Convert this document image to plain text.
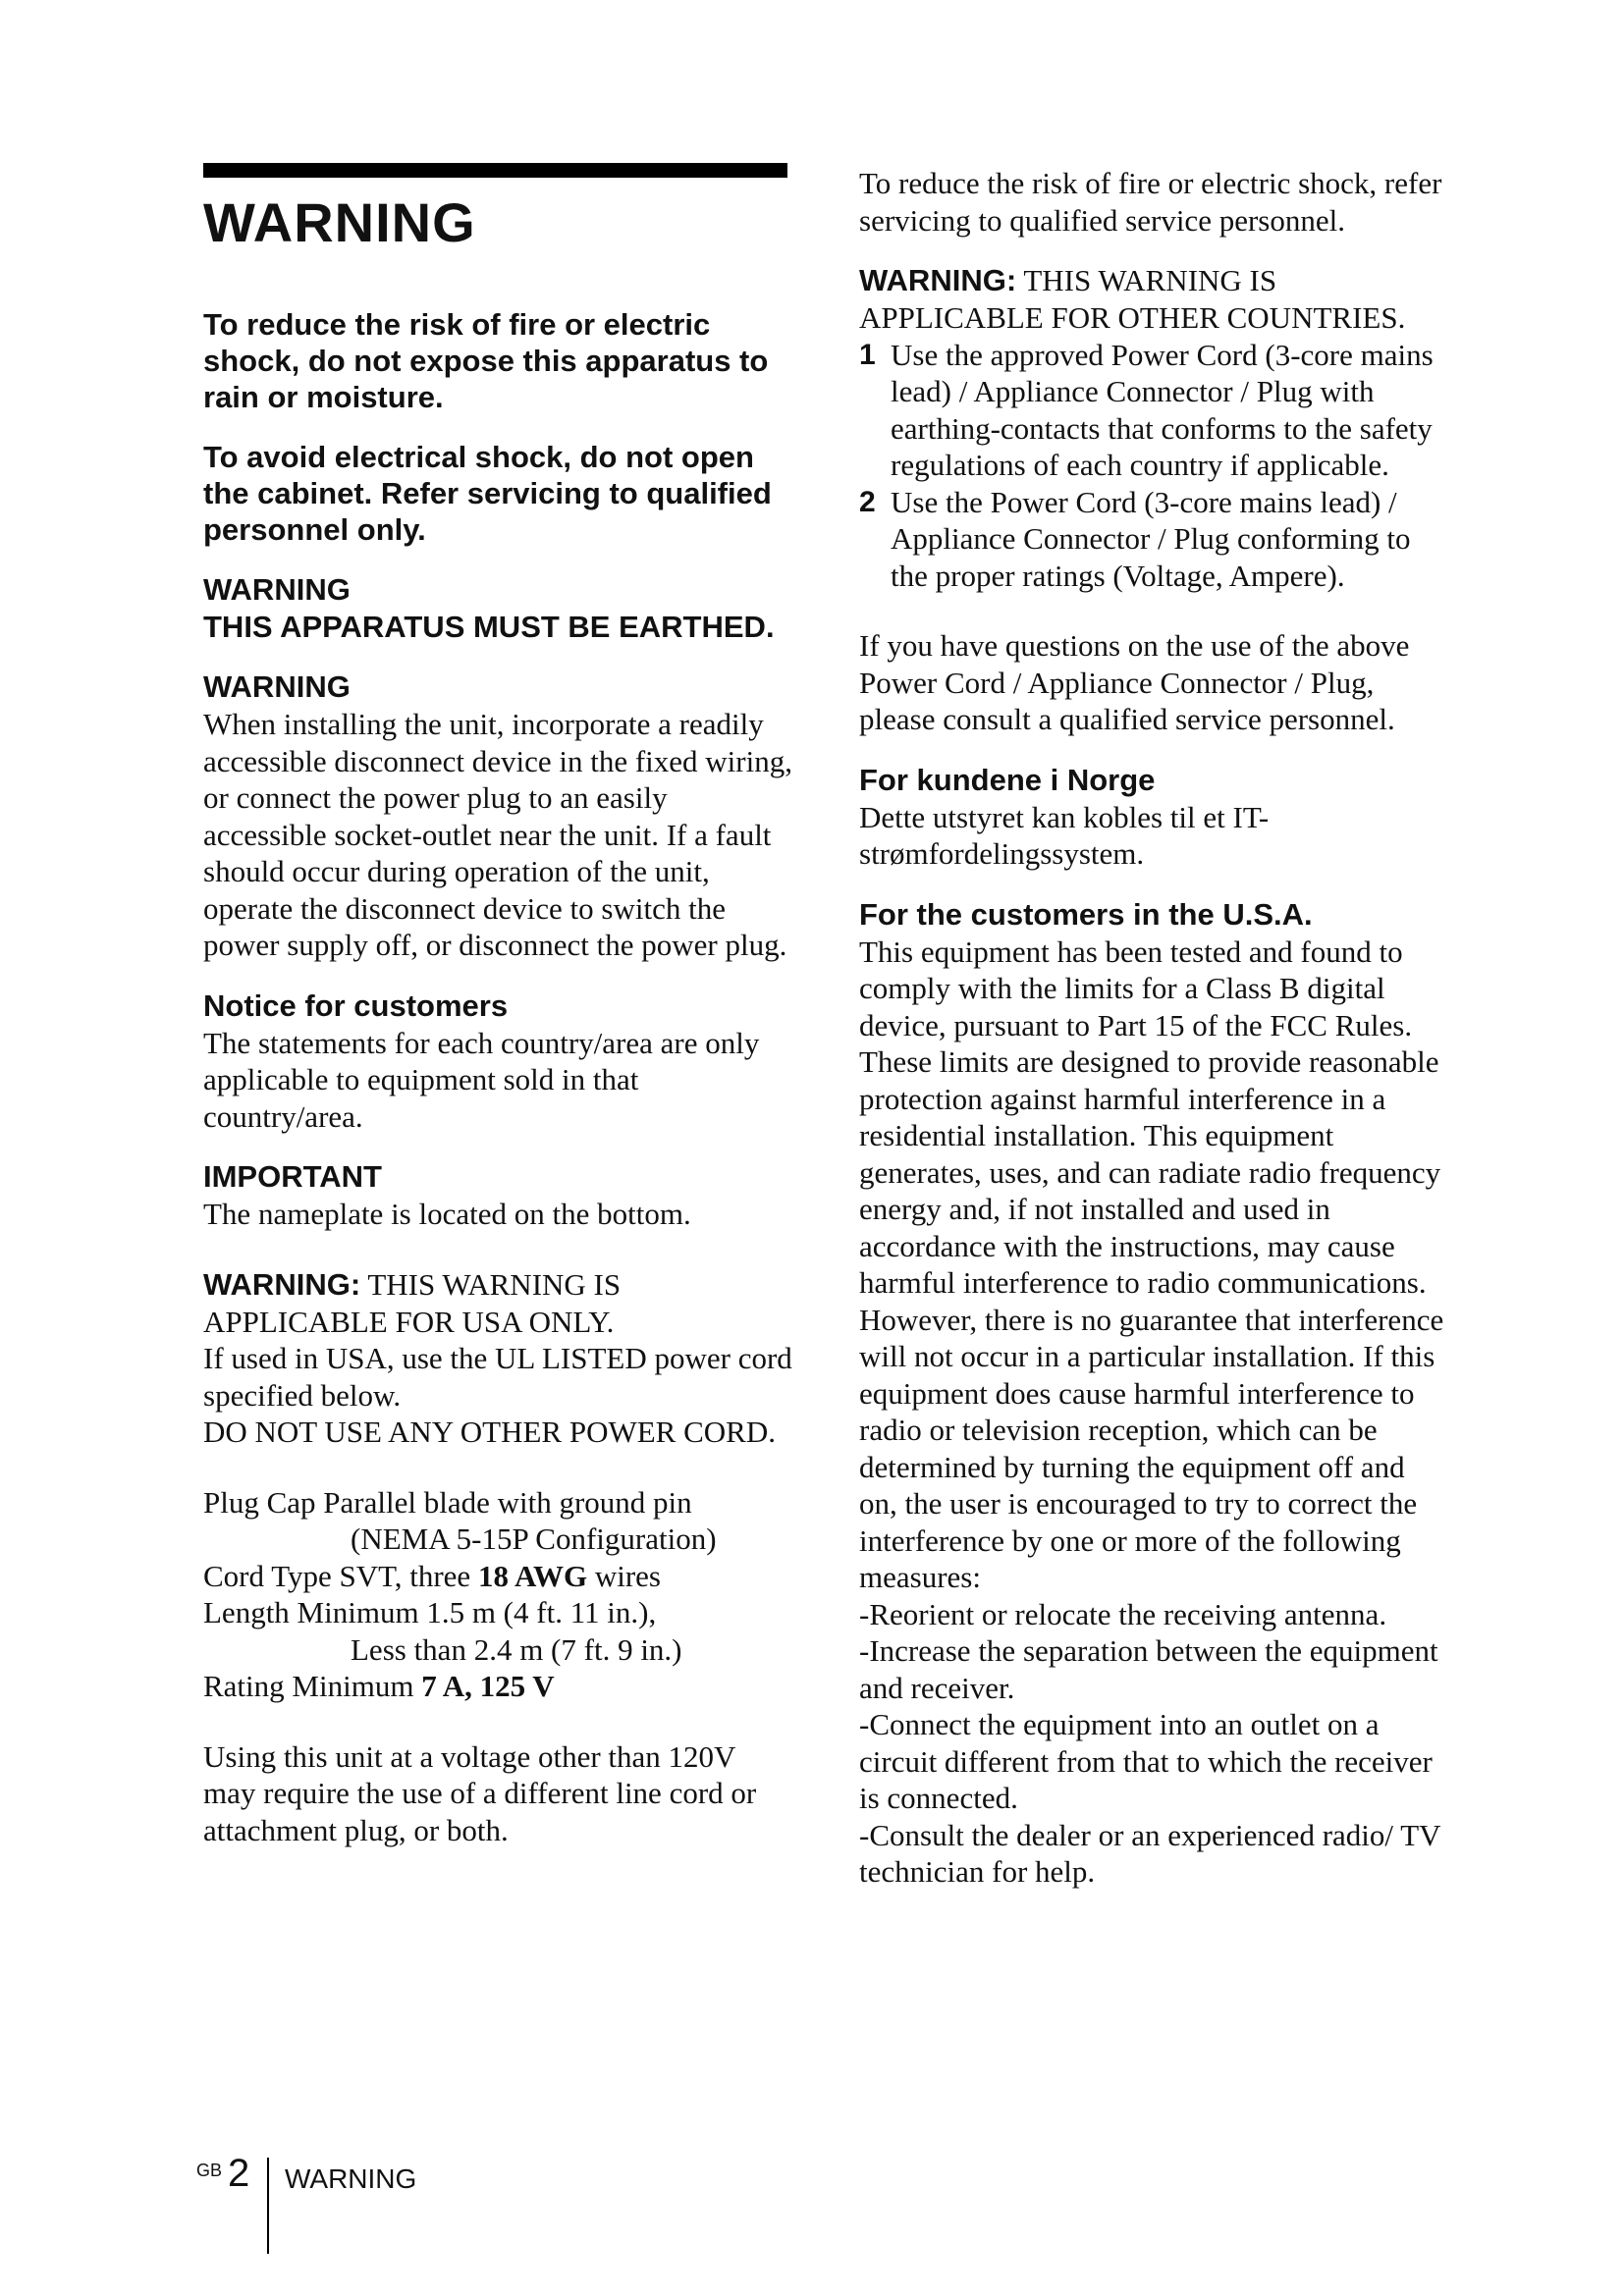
WARNING

To reduce the risk of fire or electric shock, do not expose this apparatus to rain or moisture.

To avoid electrical shock, do not open the cabinet. Refer servicing to qualified personnel only.

WARNING

THIS APPARATUS MUST BE EARTHED.

WARNING

When installing the unit, incorporate a readily accessible disconnect device in the fixed wiring, or connect the power plug to an easily accessible socket-outlet near the unit. If a fault should occur during operation of the unit, operate the disconnect device to switch the power supply off, or disconnect the power plug.

Notice for customers

The statements for each country/area are only applicable to equipment sold in that country/area.

IMPORTANT

The nameplate is located on the bottom.

WARNING: THIS WARNING IS APPLICABLE FOR USA ONLY.

If used in USA, use the UL LISTED power cord specified below.

DO NOT USE ANY OTHER POWER CORD.

Plug Cap Parallel blade with ground pin
(NEMA 5-15P Configuration)
Cord Type SVT, three 18 AWG wires
Length Minimum 1.5 m (4 ft. 11 in.),
Less than 2.4 m (7 ft. 9 in.)
Rating Minimum 7 A, 125 V

Using this unit at a voltage other than 120V may require the use of a different line cord or attachment plug, or both.

To reduce the risk of fire or electric shock, refer servicing to qualified service personnel.

WARNING: THIS WARNING IS APPLICABLE FOR OTHER COUNTRIES.

1 Use the approved Power Cord (3-core mains lead) / Appliance Connector / Plug with earthing-contacts that conforms to the safety regulations of each country if applicable.
2 Use the Power Cord (3-core mains lead) / Appliance Connector / Plug conforming to the proper ratings (Voltage, Ampere).

If you have questions on the use of the above Power Cord / Appliance Connector / Plug, please consult a qualified service personnel.

For kundene i Norge

Dette utstyret kan kobles til et IT-strømfordelingssystem.

For the customers in the U.S.A.

This equipment has been tested and found to comply with the limits for a Class B digital device, pursuant to Part 15 of the FCC Rules. These limits are designed to provide reasonable protection against harmful interference in a residential installation. This equipment generates, uses, and can radiate radio frequency energy and, if not installed and used in accordance with the instructions, may cause harmful interference to radio communications. However, there is no guarantee that interference will not occur in a particular installation. If this equipment does cause harmful interference to radio or television reception, which can be determined by turning the equipment off and on, the user is encouraged to try to correct the interference by one or more of the following measures:

-Reorient or relocate the receiving antenna.

-Increase the separation between the equipment and receiver.

-Connect the equipment into an outlet on a circuit different from that to which the receiver is connected.

-Consult the dealer or an experienced radio/ TV technician for help.

GB 2 WARNING
